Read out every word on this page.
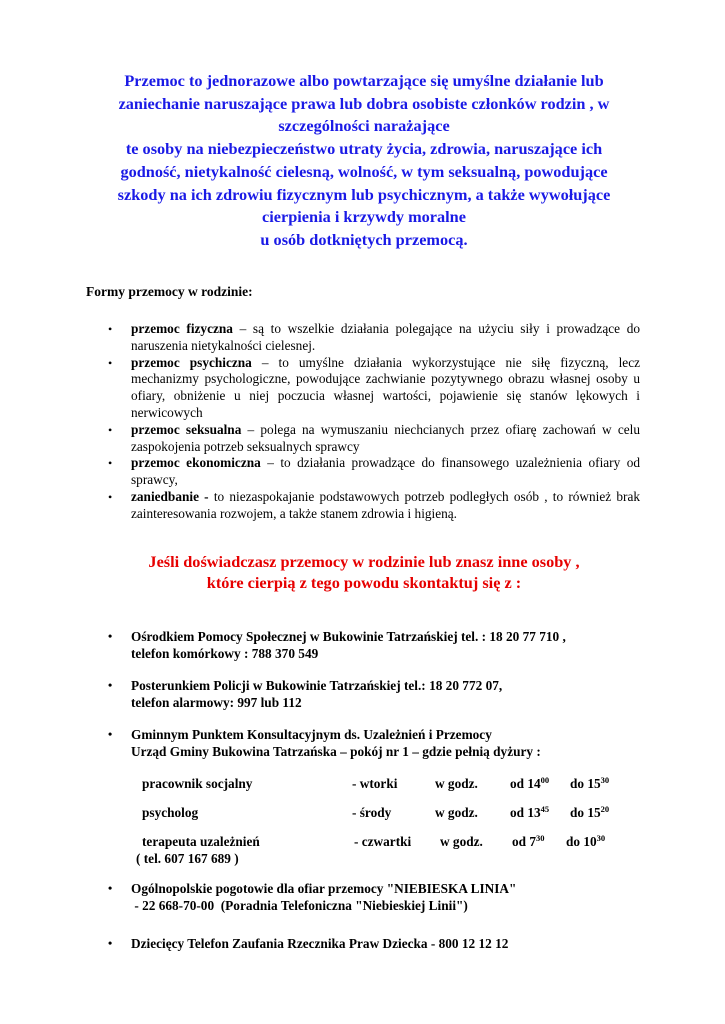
Przemoc to jednorazowe albo powtarzające się umyślne działanie lub
zaniechanie naruszające prawa lub dobra osobiste członków rodzin , w
szczególności narażające
te osoby na niebezpieczeństwo utraty życia, zdrowia, naruszające ich
godność, nietykalność cielesną, wolność, w tym seksualną, powodujące
szkody na ich zdrowiu fizycznym lub psychicznym, a także wywołujące
cierpienia i krzywdy moralne
u osób dotkniętych przemocą.
Formy przemocy w rodzinie:
• przemoc fizyczna – są to wszelkie działania polegające na użyciu siły i prowadzące do naruszenia nietykalności cielesnej.
• przemoc psychiczna – to umyślne działania wykorzystujące nie siłę fizyczną, lecz mechanizmy psychologiczne, powodujące zachwianie pozytywnego obrazu własnej osoby u ofiary, obniżenie u niej poczucia własnej wartości, pojawienie się stanów lękowych i nerwicowych
• przemoc seksualna – polega na wymuszaniu niechcianych przez ofiarę zachowań w celu zaspokojenia potrzeb seksualnych sprawcy
• przemoc ekonomiczna – to działania prowadzące do finansowego uzależnienia ofiary od sprawcy,
• zaniedbanie - to niezaspokajanie podstawowych potrzeb podległych osób , to również brak zainteresowania rozwojem, a także stanem zdrowia i higieną.
Jeśli doświadczasz przemocy w rodzinie lub znasz inne osoby ,
które cierpią z tego powodu skontaktuj się z :
• Ośrodkiem Pomocy Społecznej w Bukowinie Tatrzańskiej tel. : 18 20 77 710 ,
telefon komórkowy : 788 370 549
• Posterunkiem Policji w Bukowinie Tatrzańskiej tel.: 18 20 772 07,
telefon alarmowy: 997 lub 112
• Gminnym Punktem Konsultacyjnym ds. Uzależnień i Przemocy
Urząd Gminy Bukowina Tatrzańska – pokój nr 1 – gdzie pełnią dyżury :
pracownik socjalny	- wtorki	w godz. od $14^{00}$ do $15^{30}$
psycholog	- środy	w godz. od $13^{45}$ do $15^{20}$
terapeuta uzależnień	- czwartki w godz. od $7^{30}$ do $10^{30}$
( tel. 607 167 689 )
• Ogólnopolskie pogotowie dla ofiar przemocy "NIEBIESKA LINIA"
- 22 668-70-00  (Poradnia Telefoniczna "Niebieskiej Linii")
• Dziecięcy Telefon Zaufania Rzecznika Praw Dziecka - 800 12 12 12
